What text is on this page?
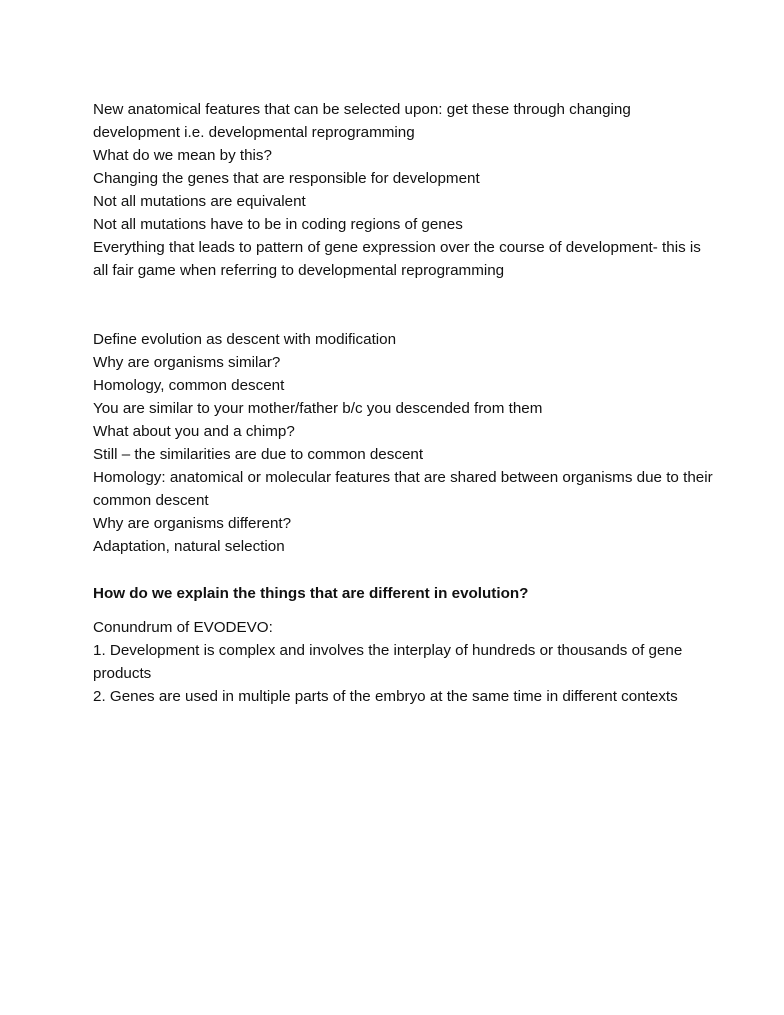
New anatomical features that can be selected upon: get these through changing development i.e. developmental reprogramming

What do we mean by this?

Changing the genes that are responsible for development

Not all mutations are equivalent

Not all mutations have to be in coding regions of genes

Everything that leads to pattern of gene expression over the course of development- this is all fair game when referring to developmental reprogramming

Define evolution as descent with modification

Why are organisms similar?

Homology, common descent

You are similar to your mother/father b/c you descended from them

What about you and a chimp?

Still – the similarities are due to common descent

Homology: anatomical or molecular features that are shared between organisms due to their common descent

Why are organisms different?

Adaptation, natural selection

How do we explain the things that are different in evolution?

Conundrum of EVODEVO:

1. Development is complex and involves the interplay of hundreds or thousands of gene products

2. Genes are used in multiple parts of the embryo at the same time in different contexts
